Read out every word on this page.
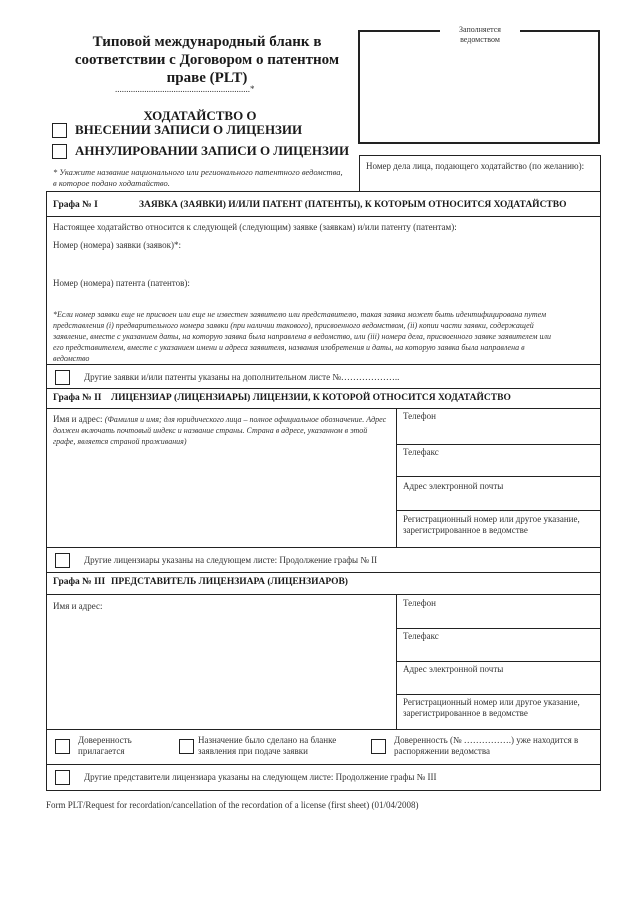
Типовой международный бланк в
соответствии с Договором о патентном
праве (PLT)
............................................................*
Заполняется
ведомством
ХОДАТАЙСТВО О
ВНЕСЕНИИ ЗАПИСИ О ЛИЦЕНЗИИ
АННУЛИРОВАНИИ ЗАПИСИ О ЛИЦЕНЗИИ
* Укажите название национального или регионального патентного ведомства, в которое подано ходатайство.
Номер дела лица, подающего ходатайство (по желанию):
Графа № I	ЗАЯВКА (ЗАЯВКИ) И/ИЛИ ПАТЕНТ (ПАТЕНТЫ), К КОТОРЫМ ОТНОСИТСЯ ХОДАТАЙСТВО
Настоящее ходатайство относится к следующей (следующим) заявке (заявкам) и/или патенту (патентам):
Номер (номера) заявки (заявок)*:
Номер (номера) патента (патентов):
*Если номер заявки еще не присвоен или еще не известен заявителю или представителю, такая заявка может быть идентифицирована путем
представления (i) предварительного номера заявки (при наличии такового), присвоенного ведомством, (ii) копии части заявки, содержащей
заявление, вместе с указанием даты, на которую заявка была направлена в ведомство, или (iii) номера дела, присвоенного заявке заявителем или
его представителем, вместе с указанием имени и адреса заявителя, названия изобретения и даты, на которую заявка была направлена в
ведомство
Другие заявки и/или патенты указаны на дополнительном листе №………………..
Графа № II ЛИЦЕНЗИАР (ЛИЦЕНЗИАРЫ) ЛИЦЕНЗИИ, К КОТОРОЙ ОТНОСИТСЯ ХОДАТАЙСТВО
Имя и адрес: (Фамилия и имя; для юридического лица – полное официальное обозначение. Адрес должен включать почтовый индекс и название страны. Страна в адресе, указанном в этой графе, является страной проживания)
Телефон
Телефакс
Адрес электронной почты
Регистрационный номер или другое указание,
зарегистрированное в ведомстве
Другие лицензиары указаны на следующем листе: Продолжение графы № II
Графа № III ПРЕДСТАВИТЕЛЬ ЛИЦЕНЗИАРА (ЛИЦЕНЗИАРОВ)
Имя и адрес:	Телефон
Телефакс
Адрес электронной почты
Регистрационный номер или другое указание,
зарегистрированное в ведомстве
Доверенность
прилагается
Назначение было сделано на бланке
заявления при подаче заявки
Доверенность (№ …………….) уже находится в
распоряжении ведомства
Другие представители лицензиара указаны на следующем листе: Продолжение графы № III
Form PLT/Request for recordation/cancellation of the recordation of a license (first sheet) (01/04/2008)
